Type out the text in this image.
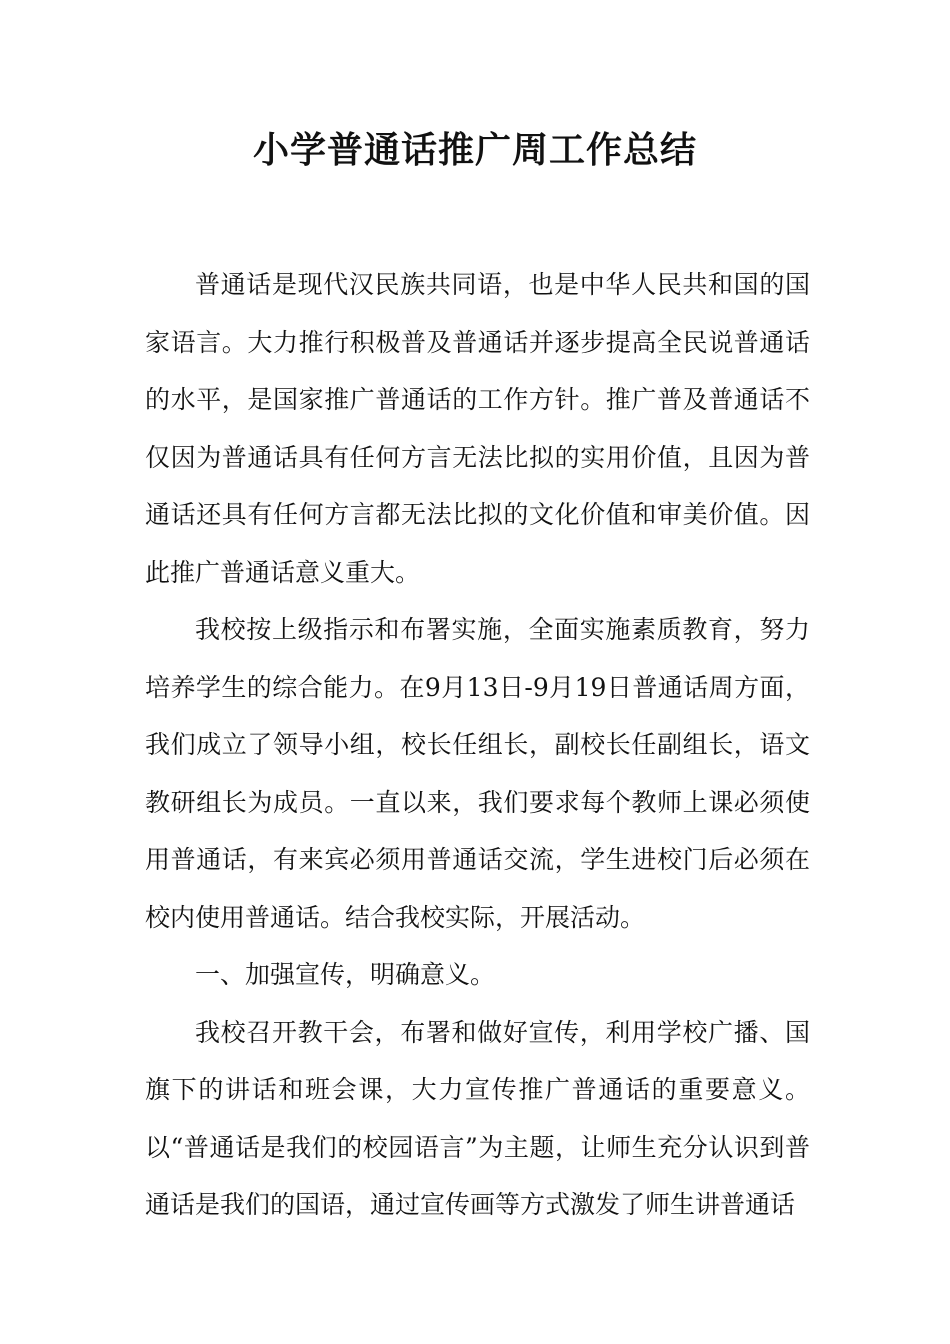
小学普通话推广周工作总结

普通话是现代汉民族共同语，也是中华人民共和国的国家语言。大力推行积极普及普通话并逐步提高全民说普通话的水平，是国家推广普通话的工作方针。推广普及普通话不仅因为普通话具有任何方言无法比拟的实用价值，且因为普通话还具有任何方言都无法比拟的文化价值和审美价值。因此推广普通话意义重大。

我校按上级指示和布署实施，全面实施素质教育，努力培养学生的综合能力。在9月13日-9月19日普通话周方面，我们成立了领导小组，校长任组长，副校长任副组长，语文教研组长为成员。一直以来，我们要求每个教师上课必须使用普通话，有来宾必须用普通话交流，学生进校门后必须在校内使用普通话。结合我校实际，开展活动。

一、加强宣传，明确意义。

我校召开教干会，布署和做好宣传，利用学校广播、国旗下的讲话和班会课，大力宣传推广普通话的重要意义。以“普通话是我们的校园语言”为主题，让师生充分认识到普通话是我们的国语，通过宣传画等方式激发了师生讲普通话
